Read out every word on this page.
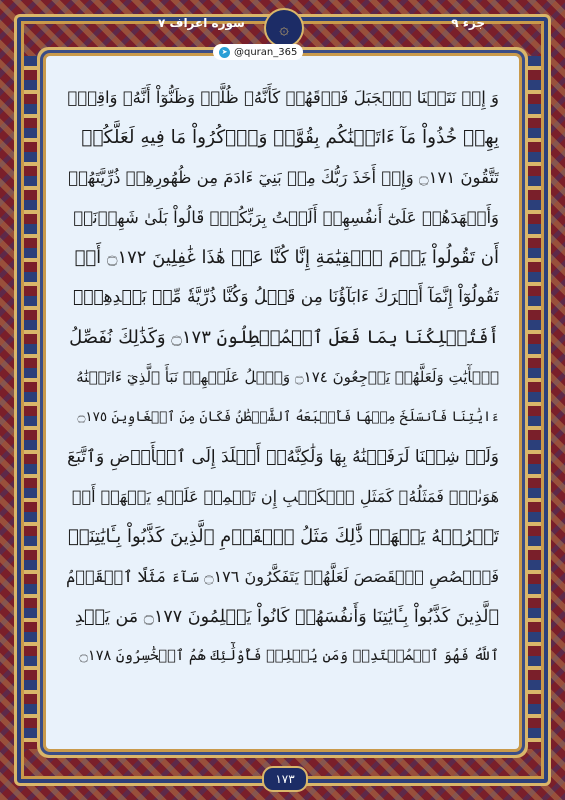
جزء ۹
۞
سوره اعراف ۷
➤ @quran_365
وَ إِذۡ نَتَقۡنَا ٱلۡجَبَلَ فَوۡقَهُمۡ كَأَنَّهُۥ ظُلَّةٞ وَظَنُّوٓاْ أَنَّهُۥ وَاقِعُۢ
بِهِمۡ خُذُواْ مَآ ءَاتَيۡنَٰكُم بِقُوَّةٖ وَٱذۡكُرُواْ مَا فِيهِ لَعَلَّكُمۡ
تَتَّقُونَ ۝١٧١ وَإِذۡ أَخَذَ رَبُّكَ مِنۢ بَنِيٓ ءَادَمَ مِن ظُهُورِهِمۡ ذُرِّيَّتَهُمۡ
وَأَشۡهَدَهُمۡ عَلَىٰٓ أَنفُسِهِمۡ أَلَسۡتُ بِرَبِّكُمۡۖ قَالُواْ بَلَىٰ شَهِدۡنَآۚ
أَن تَقُولُواْ يَوۡمَ ٱلۡقِيَٰمَةِ إِنَّا كُنَّا عَنۡ هَٰذَا غَٰفِلِينَ ۝١٧٢ أَوۡ
تَقُولُوٓاْ إِنَّمَآ أَشۡرَكَ ءَابَآؤُنَا مِن قَبۡلُ وَكُنَّا ذُرِّيَّةٗ مِّنۢ بَعۡدِهِمۡۖ
أَفَتُهۡلِكُنَا بِمَا فَعَلَ ٱلۡمُبۡطِلُونَ ۝١٧٣ وَكَذَٰلِكَ نُفَصِّلُ
ٱلۡأٓيَٰتِ وَلَعَلَّهُمۡ يَرۡجِعُونَ ۝١٧٤ وَٱتۡلُ عَلَيۡهِمۡ نَبَأَ ٱلَّذِيٓ ءَاتَيۡنَٰهُ
ءَايَٰتِنَا فَٱنسَلَخَ مِنۡهَا فَأَتۡبَعَهُ ٱلشَّيۡطَٰنُ فَكَانَ مِنَ ٱلۡغَاوِينَ ۝١٧٥
وَلَوۡ شِئۡنَا لَرَفَعۡنَٰهُ بِهَا وَلَٰكِنَّهُۥٓ أَخۡلَدَ إِلَى ٱلۡأَرۡضِ وَٱتَّبَعَ
هَوَىٰهُۚ فَمَثَلُهُۥ كَمَثَلِ ٱلۡكَلۡبِ إِن تَحۡمِلۡ عَلَيۡهِ يَلۡهَثۡ أَوۡ
تَتۡرُكۡهُ يَلۡهَثۚ ذَّٰلِكَ مَثَلُ ٱلۡقَوۡمِ ٱلَّذِينَ كَذَّبُواْ بِـَٔايَٰتِنَاۚ
فَٱقۡصُصِ ٱلۡقَصَصَ لَعَلَّهُمۡ يَتَفَكَّرُونَ ۝١٧٦ سَآءَ مَثَلًا ٱلۡقَوۡمُ
ٱلَّذِينَ كَذَّبُواْ بِـَٔايَٰتِنَا وَأَنفُسَهُمۡ كَانُواْ يَظۡلِمُونَ ۝١٧٧ مَن يَهۡدِ
ٱللَّهُ فَهُوَ ٱلۡمُهۡتَدِيۖ وَمَن يُضۡلِلۡ فَأُوْلَٰٓئِكَ هُمُ ٱلۡخَٰسِرُونَ ۝١٧٨
۱۷۳
